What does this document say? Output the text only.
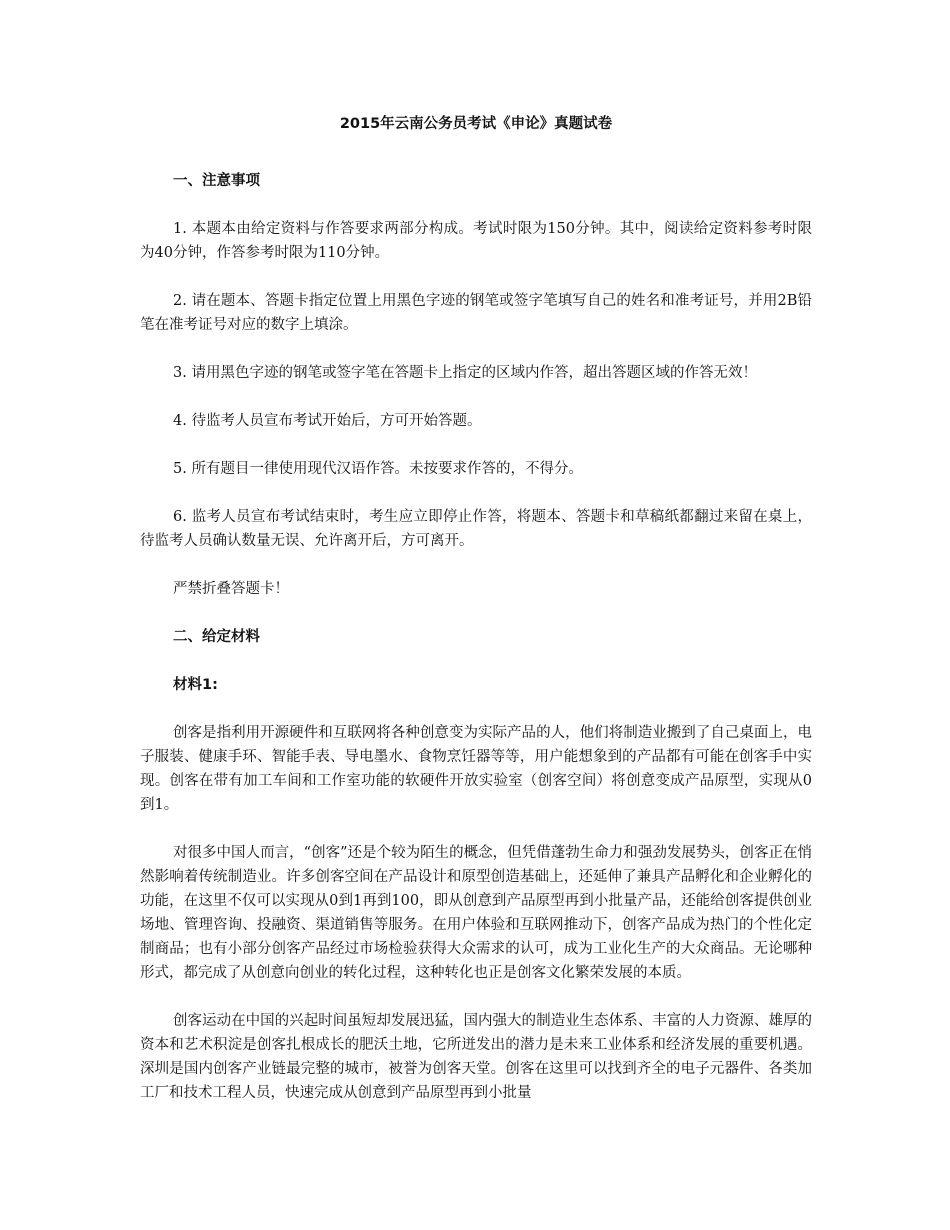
2015年云南公务员考试《申论》真题试卷
一、注意事项

1. 本题本由给定资料与作答要求两部分构成。考试时限为150分钟。其中，阅读给定资料参考时限为40分钟，作答参考时限为110分钟。

2. 请在题本、答题卡指定位置上用黑色字迹的钢笔或签字笔填写自己的姓名和准考证号，并用2B铅笔在准考证号对应的数字上填涂。

3. 请用黑色字迹的钢笔或签字笔在答题卡上指定的区域内作答，超出答题区域的作答无效！

4. 待监考人员宣布考试开始后，方可开始答题。

5. 所有题目一律使用现代汉语作答。未按要求作答的，不得分。

6. 监考人员宣布考试结束时，考生应立即停止作答，将题本、答题卡和草稿纸都翻过来留在桌上，待监考人员确认数量无误、允许离开后，方可离开。

严禁折叠答题卡！

二、给定材料
材料1:

创客是指利用开源硬件和互联网将各种创意变为实际产品的人，他们将制造业搬到了自己桌面上，电子服装、健康手环、智能手表、导电墨水、食物烹饪器等等，用户能想象到的产品都有可能在创客手中实现。创客在带有加工车间和工作室功能的软硬件开放实验室（创客空间）将创意变成产品原型，实现从0到1。

对很多中国人而言，“创客”还是个较为陌生的概念，但凭借蓬勃生命力和强劲发展势头，创客正在悄然影响着传统制造业。许多创客空间在产品设计和原型创造基础上，还延伸了兼具产品孵化和企业孵化的功能，在这里不仅可以实现从0到1再到100，即从创意到产品原型再到小批量产品，还能给创客提供创业场地、管理咨询、投融资、渠道销售等服务。在用户体验和互联网推动下，创客产品成为热门的个性化定制商品；也有小部分创客产品经过市场检验获得大众需求的认可，成为工业化生产的大众商品。无论哪种形式，都完成了从创意向创业的转化过程，这种转化也正是创客文化繁荣发展的本质。

创客运动在中国的兴起时间虽短却发展迅猛，国内强大的制造业生态体系、丰富的人力资源、雄厚的资本和艺术积淀是创客扎根成长的肥沃土地，它所迸发出的潜力是未来工业体系和经济发展的重要机遇。深圳是国内创客产业链最完整的城市，被誉为创客天堂。创客在这里可以找到齐全的电子元器件、各类加工厂和技术工程人员，快速完成从创意到产品原型再到小批量
